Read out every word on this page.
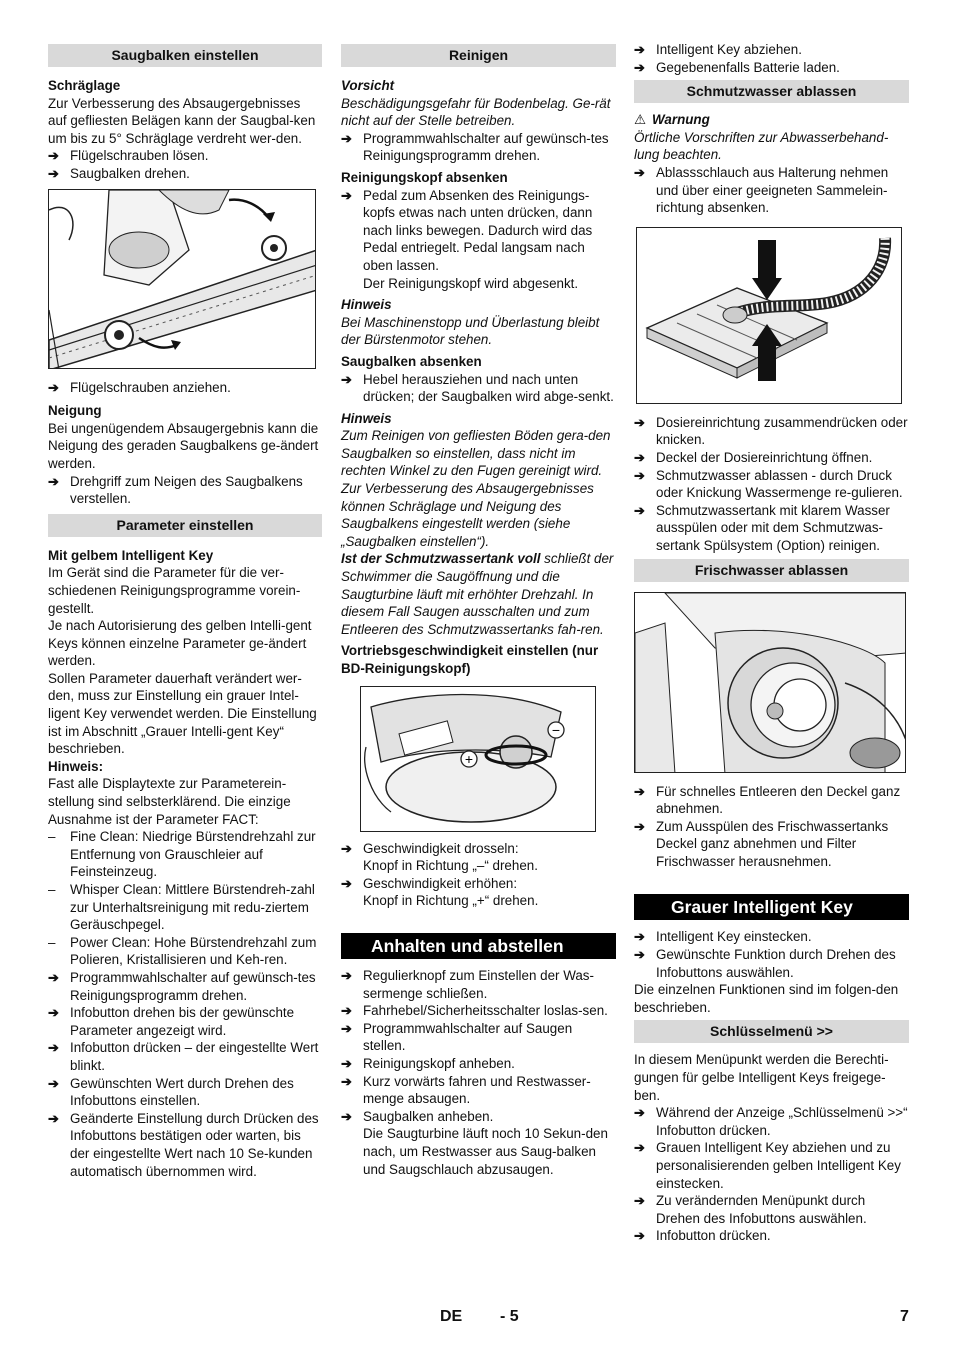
Saugbalken einstellen
Schräglage
Zur Verbesserung des Absaugergebnisses auf gefliesten Belägen kann der Saugbal-ken um bis zu 5° Schräglage verdreht wer-den.
➔ Flügelschrauben lösen.
➔ Saugbalken drehen.
➔ Flügelschrauben anziehen.
Neigung
Bei ungenügendem Absaugergebnis kann die Neigung des geraden Saugbalkens ge-ändert werden.
➔ Drehgriff zum Neigen des Saugbalkens verstellen.
Parameter einstellen
Mit gelbem Intelligent Key
Im Gerät sind die Parameter für die ver-schiedenen Reinigungsprogramme vorein-gestellt.
Je nach Autorisierung des gelben Intelli-gent Keys können einzelne Parameter ge-ändert werden.
Sollen Parameter dauerhaft verändert wer-den, muss zur Einstellung ein grauer Intel-ligent Key verwendet werden. Die Einstellung ist im Abschnitt „Grauer Intelli-gent Key“ beschrieben.
Hinweis:
Fast alle Displaytexte zur Parameterein-stellung sind selbsterklärend. Die einzige Ausnahme ist der Parameter FACT:
– Fine Clean: Niedrige Bürstendrehzahl zur Entfernung von Grauschleier auf Feinsteinzeug.
– Whisper Clean: Mittlere Bürstendreh-zahl zur Unterhaltsreinigung mit redu-ziertem Geräuschpegel.
– Power Clean: Hohe Bürstendrehzahl zum Polieren, Kristallisieren und Keh-ren.
➔ Programmwahlschalter auf gewünsch-tes Reinigungsprogramm drehen.
➔ Infobutton drehen bis der gewünschte Parameter angezeigt wird.
➔ Infobutton drücken – der eingestellte Wert blinkt.
➔ Gewünschten Wert durch Drehen des Infobuttons einstellen.
➔ Geänderte Einstellung durch Drücken des Infobuttons bestätigen oder warten, bis der eingestellte Wert nach 10 Se-kunden automatisch übernommen wird.
Reinigen
Vorsicht
Beschädigungsgefahr für Bodenbelag. Ge-rät nicht auf der Stelle betreiben.
➔ Programmwahlschalter auf gewünsch-tes Reinigungsprogramm drehen.
Reinigungskopf absenken
➔ Pedal zum Absenken des Reinigungs-kopfs etwas nach unten drücken, dann nach links bewegen. Dadurch wird das Pedal entriegelt. Pedal langsam nach oben lassen.
Der Reinigungskopf wird abgesenkt.
Hinweis
Bei Maschinenstopp und Überlastung bleibt der Bürstenmotor stehen.
Saugbalken absenken
➔ Hebel herausziehen und nach unten drücken; der Saugbalken wird abge-senkt.
Hinweis
Zum Reinigen von gefliesten Böden gera-den Saugbalken so einstellen, dass nicht im rechten Winkel zu den Fugen gereinigt wird.
Zur Verbesserung des Absaugergebnisses können Schräglage und Neigung des Saugbalkens eingestellt werden (siehe „Saugbalken einstellen“).
Ist der Schmutzwassertank voll schließt der Schwimmer die Saugöffnung und die Saugturbine läuft mit erhöhter Drehzahl. In diesem Fall Saugen ausschalten und zum Entleeren des Schmutzwassertanks fah-ren.
Vortriebsgeschwindigkeit einstellen (nur BD-Reinigungskopf)
+
−
➔ Geschwindigkeit drosseln:
Knopf in Richtung „–“ drehen.
➔ Geschwindigkeit erhöhen:
Knopf in Richtung „+“ drehen.
Anhalten und abstellen
➔ Regulierknopf zum Einstellen der Was-sermenge schließen.
➔ Fahrhebel/Sicherheitsschalter loslas-sen.
➔ Programmwahlschalter auf Saugen stellen.
➔ Reinigungskopf anheben.
➔ Kurz vorwärts fahren und Restwasser-menge absaugen.
➔ Saugbalken anheben.
Die Saugturbine läuft noch 10 Sekun-den nach, um Restwasser aus Saug-balken und Saugschlauch abzusaugen.
➔ Intelligent Key abziehen.
➔ Gegebenenfalls Batterie laden.
Schmutzwasser ablassen
⚠ Warnung
Örtliche Vorschriften zur Abwasserbehand-lung beachten.
➔ Ablassschlauch aus Halterung nehmen und über einer geeigneten Sammelein-richtung absenken.
➔ Dosiereinrichtung zusammendrücken oder knicken.
➔ Deckel der Dosiereinrichtung öffnen.
➔ Schmutzwasser ablassen - durch Druck oder Knickung Wassermenge re-gulieren.
➔ Schmutzwassertank mit klarem Wasser ausspülen oder mit dem Schmutzwas-sertank Spülsystem (Option) reinigen.
Frischwasser ablassen
➔ Für schnelles Entleeren den Deckel ganz abnehmen.
➔ Zum Ausspülen des Frischwassertanks Deckel ganz abnehmen und Filter Frischwasser herausnehmen.
Grauer Intelligent Key
➔ Intelligent Key einstecken.
➔ Gewünschte Funktion durch Drehen des Infobuttons auswählen.
Die einzelnen Funktionen sind im folgen-den beschrieben.
Schlüsselmenü >>
In diesem Menüpunkt werden die Berechti-gungen für gelbe Intelligent Keys freigege-ben.
➔ Während der Anzeige „Schlüsselmenü >>“ Infobutton drücken.
➔ Grauen Intelligent Key abziehen und zu personalisierenden gelben Intelligent Key einstecken.
➔ Zu verändernden Menüpunkt durch Drehen des Infobuttons auswählen.
➔ Infobutton drücken.
DE - 5	7
